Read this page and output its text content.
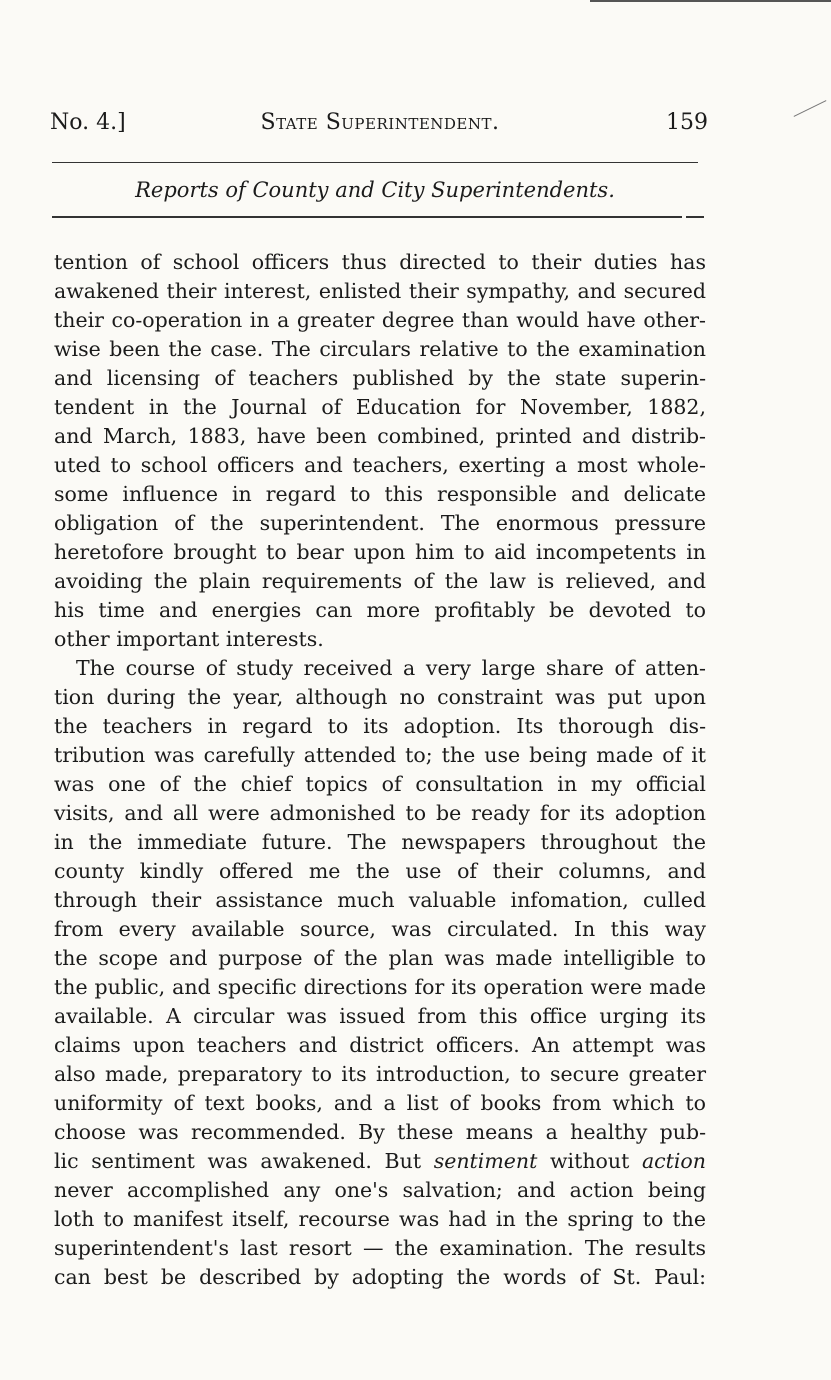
No. 4.]	State Superintendent.	159
Reports of County and City Superintendents.

tention of school officers thus directed to their duties has
awakened their interest, enlisted their sympathy, and secured
their co-operation in a greater degree than would have other-
wise been the case. The circulars relative to the examination
and licensing of teachers published by the state superin-
tendent in the Journal of Education for November, 1882,
and March, 1883, have been combined, printed and distrib-
uted to school officers and teachers, exerting a most whole-
some influence in regard to this responsible and delicate
obligation of the superintendent. The enormous pressure
heretofore brought to bear upon him to aid incompetents in
avoiding the plain requirements of the law is relieved, and
his time and energies can more profitably be devoted to
other important interests.

The course of study received a very large share of atten-
tion during the year, although no constraint was put upon
the teachers in regard to its adoption. Its thorough dis-
tribution was carefully attended to; the use being made of it
was one of the chief topics of consultation in my official
visits, and all were admonished to be ready for its adoption
in the immediate future. The newspapers throughout the
county kindly offered me the use of their columns, and
through their assistance much valuable infomation, culled
from every available source, was circulated. In this way
the scope and purpose of the plan was made intelligible to
the public, and specific directions for its operation were made
available. A circular was issued from this office urging its
claims upon teachers and district officers. An attempt was
also made, preparatory to its introduction, to secure greater
uniformity of text books, and a list of books from which to
choose was recommended. By these means a healthy pub-
lic sentiment was awakened. But sentiment without action
never accomplished any one's salvation; and action being
loth to manifest itself, recourse was had in the spring to the
superintendent's last resort — the examination. The results
can best be described by adopting the words of St. Paul:
